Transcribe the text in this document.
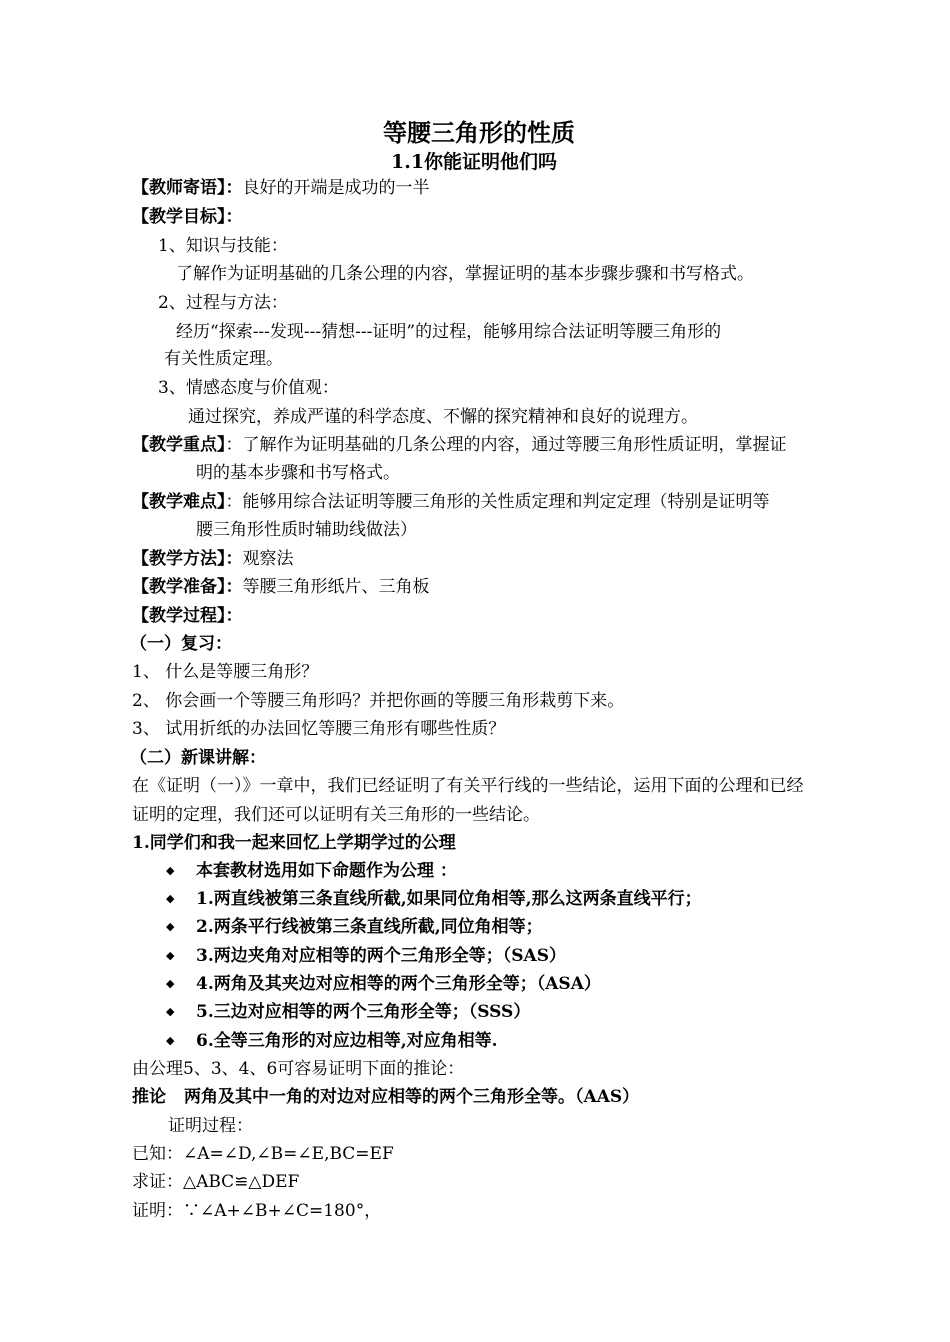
等腰三角形的性质
1.1你能证明他们吗
【教师寄语】：良好的开端是成功的一半
【教学目标】：
1、知识与技能：
了解作为证明基础的几条公理的内容，掌握证明的基本步骤步骤和书写格式。
2、过程与方法：
经历“探索---发现---猜想---证明”的过程，能够用综合法证明等腰三角形的
有关性质定理。
3、情感态度与价值观：
通过探究，养成严谨的科学态度、不懈的探究精神和良好的说理方。
【教学重点】：了解作为证明基础的几条公理的内容，通过等腰三角形性质证明，掌握证
明的基本步骤和书写格式。
【教学难点】：能够用综合法证明等腰三角形的关性质定理和判定定理（特别是证明等
腰三角形性质时辅助线做法）
【教学方法】：观察法
【教学准备】：等腰三角形纸片、三角板
【教学过程】：
（一）复习：
1、 什么是等腰三角形？
2、 你会画一个等腰三角形吗？并把你画的等腰三角形栽剪下来。
3、 试用折纸的办法回忆等腰三角形有哪些性质？
（二）新课讲解：
在《证明（一）》一章中，我们已经证明了有关平行线的一些结论，运用下面的公理和已经
证明的定理，我们还可以证明有关三角形的一些结论。
1.同学们和我一起来回忆上学期学过的公理
◆ 本套教材选用如下命题作为公理 ：
◆ 1.两直线被第三条直线所截,如果同位角相等,那么这两条直线平行；
◆ 2.两条平行线被第三条直线所截,同位角相等；
◆ 3.两边夹角对应相等的两个三角形全等；（SAS）
◆ 4.两角及其夹边对应相等的两个三角形全等；（ASA）
◆ 5.三边对应相等的两个三角形全等；（SSS）
◆ 6.全等三角形的对应边相等,对应角相等.
由公理5、3、4、6可容易证明下面的推论：
推论 两角及其中一角的对边对应相等的两个三角形全等。（AAS）
证明过程：
已知：∠A=∠D,∠B=∠E,BC=EF
求证：△ABC≌△DEF
证明：∵∠A+∠B+∠C=180°，
